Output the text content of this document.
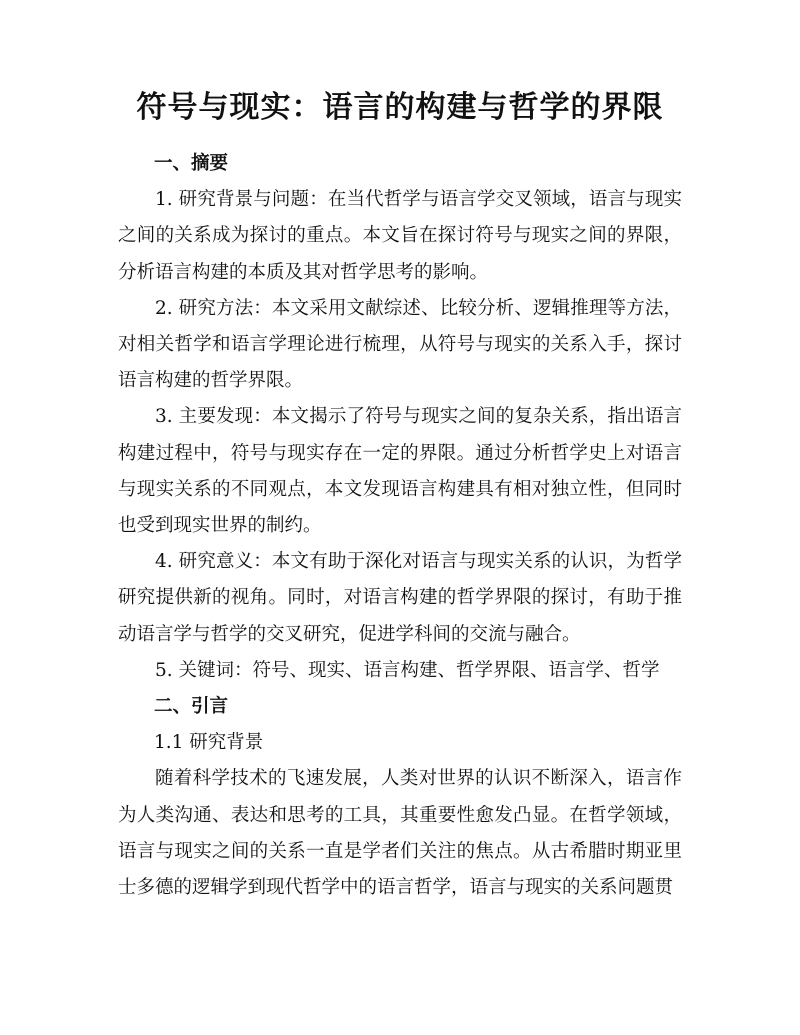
符号与现实：语言的构建与哲学的界限
一、摘要

1. 研究背景与问题：在当代哲学与语言学交叉领域，语言与现实之间的关系成为探讨的重点。本文旨在探讨符号与现实之间的界限，分析语言构建的本质及其对哲学思考的影响。

2. 研究方法：本文采用文献综述、比较分析、逻辑推理等方法，对相关哲学和语言学理论进行梳理，从符号与现实的关系入手，探讨语言构建的哲学界限。

3. 主要发现：本文揭示了符号与现实之间的复杂关系，指出语言构建过程中，符号与现实存在一定的界限。通过分析哲学史上对语言与现实关系的不同观点，本文发现语言构建具有相对独立性，但同时也受到现实世界的制约。

4. 研究意义：本文有助于深化对语言与现实关系的认识，为哲学研究提供新的视角。同时，对语言构建的哲学界限的探讨，有助于推动语言学与哲学的交叉研究，促进学科间的交流与融合。

5. 关键词：符号、现实、语言构建、哲学界限、语言学、哲学

二、引言
1.1 研究背景

随着科学技术的飞速发展，人类对世界的认识不断深入，语言作为人类沟通、表达和思考的工具，其重要性愈发凸显。在哲学领域，语言与现实之间的关系一直是学者们关注的焦点。从古希腊时期亚里士多德的逻辑学到现代哲学中的语言哲学，语言与现实的关系问题贯
